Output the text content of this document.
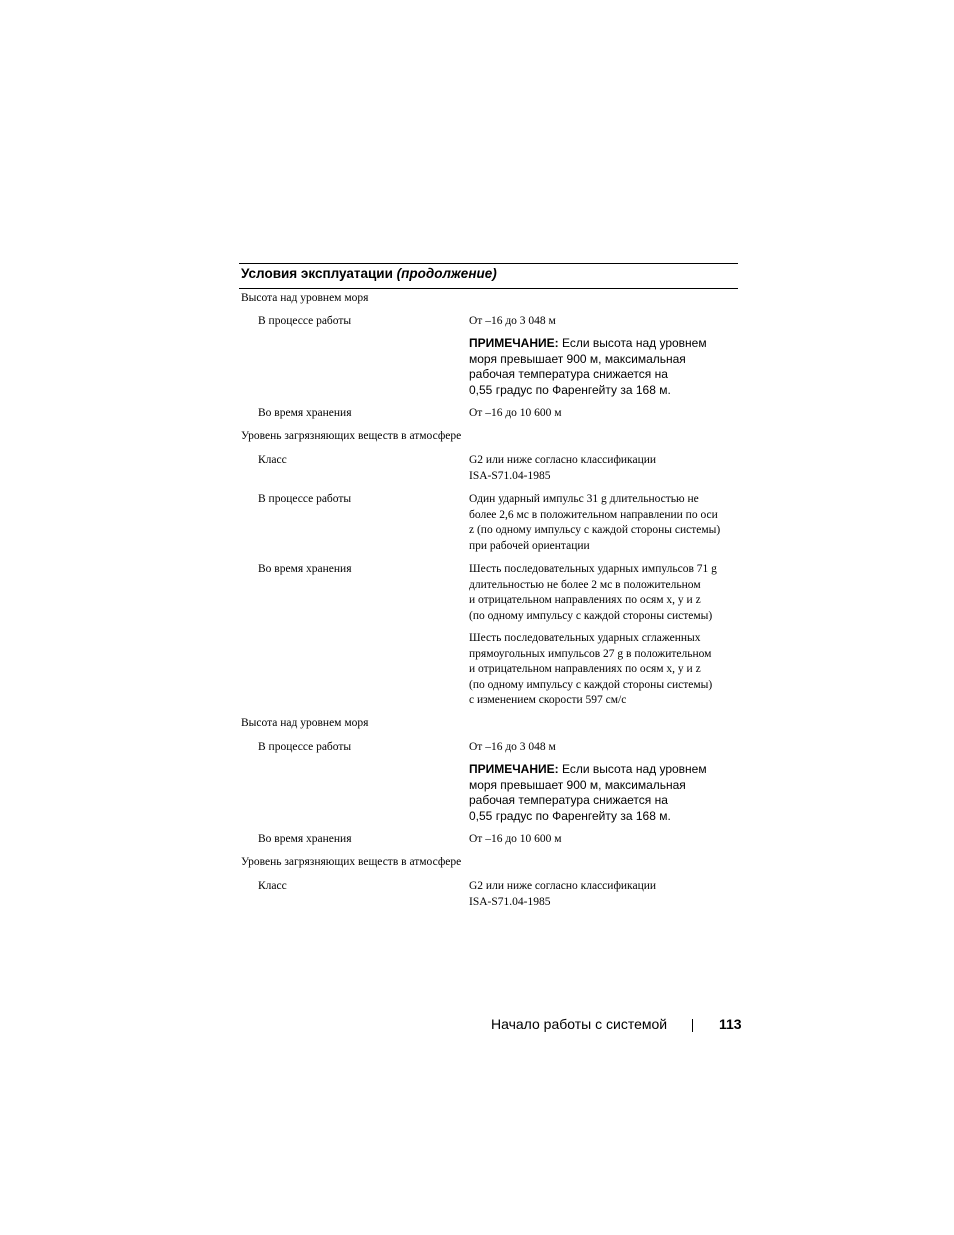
Условия эксплуатации (продолжение)
Высота над уровнем моря
В процессе работы	От –16 до 3 048 м
ПРИМЕЧАНИЕ: Если высота над уровнем
моря превышает 900 м, максимальная
рабочая температура снижается на
0,55 градус по Фаренгейту за 168 м.
Во время хранения	От –16 до 10 600 м
Уровень загрязняющих веществ в атмосфере
Класс	G2 или ниже согласно классификации
ISA-S71.04-1985
В процессе работы	Один ударный импульс 31 g длительностью не
более 2,6 мс в положительном направлении по оси
z (по одному импульсу с каждой стороны системы)
при рабочей ориентации
Во время хранения	Шесть последовательных ударных импульсов 71 g
длительностью не более 2 мс в положительном
и отрицательном направлениях по осям x, y и z
(по одному импульсу с каждой стороны системы)
Шесть последовательных ударных сглаженных
прямоугольных импульсов 27 g в положительном
и отрицательном направлениях по осям x, y и z
(по одному импульсу с каждой стороны системы)
с изменением скорости 597 см/с
Высота над уровнем моря
В процессе работы	От –16 до 3 048 м
ПРИМЕЧАНИЕ: Если высота над уровнем
моря превышает 900 м, максимальная
рабочая температура снижается на
0,55 градус по Фаренгейту за 168 м.
Во время хранения	От –16 до 10 600 м
Уровень загрязняющих веществ в атмосфере
Класс	G2 или ниже согласно классификации
ISA-S71.04-1985
Начало работы с системой	113
